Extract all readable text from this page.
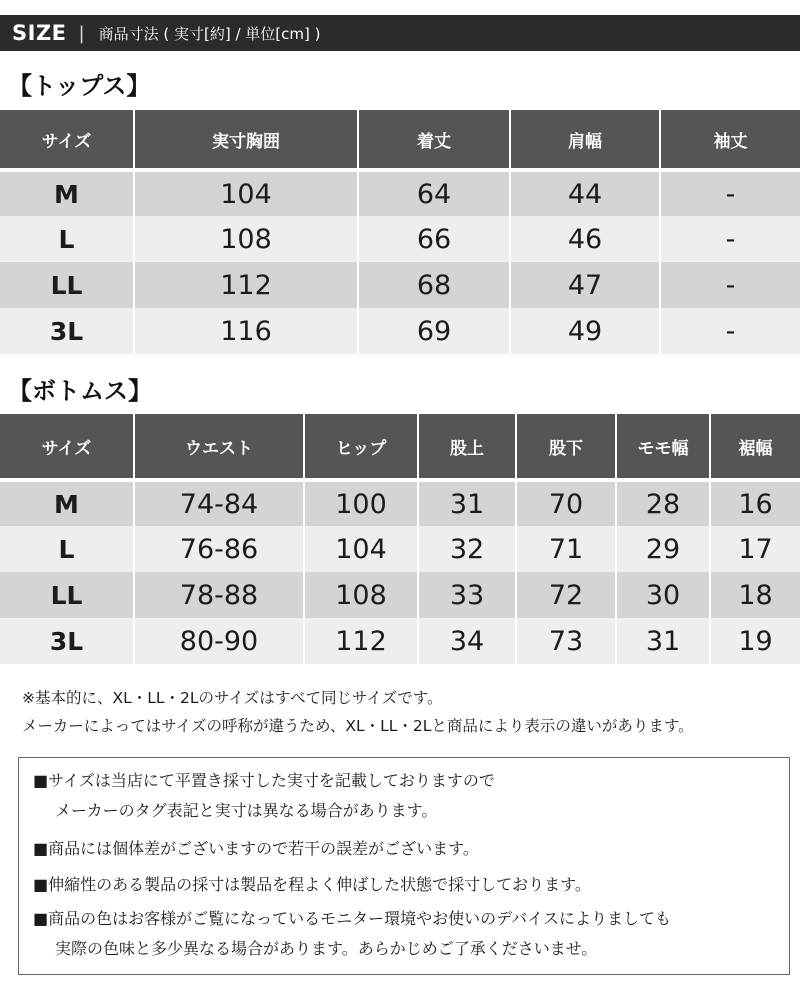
SIZE | 商品寸法 ( 実寸[約] / 単位[cm] )
【トップス】
サイズ	実寸胸囲	着丈	肩幅	袖丈
M	104	64	44	-
L	108	66	46	-
LL	112	68	47	-
3L	116	69	49	-
【ボトムス】
サイズ	ウエスト	ヒップ	股上	股下	モモ幅	裾幅
M	74-84	100	31	70	28	16
L	76-86	104	32	71	29	17
LL	78-88	108	33	72	30	18
3L	80-90	112	34	73	31	19
※基本的に、XL・LL・2Lのサイズはすべて同じサイズです。
メーカーによってはサイズの呼称が違うため、XL・LL・2Lと商品により表示の違いがあります。
■サイズは当店にて平置き採寸した実寸を記載しておりますので
メーカーのタグ表記と実寸は異なる場合があります。
■商品には個体差がございますので若干の誤差がございます。
■伸縮性のある製品の採寸は製品を程よく伸ばした状態で採寸しております。
■商品の色はお客様がご覧になっているモニター環境やお使いのデバイスによりましても
実際の色味と多少異なる場合があります。あらかじめご了承くださいませ。
